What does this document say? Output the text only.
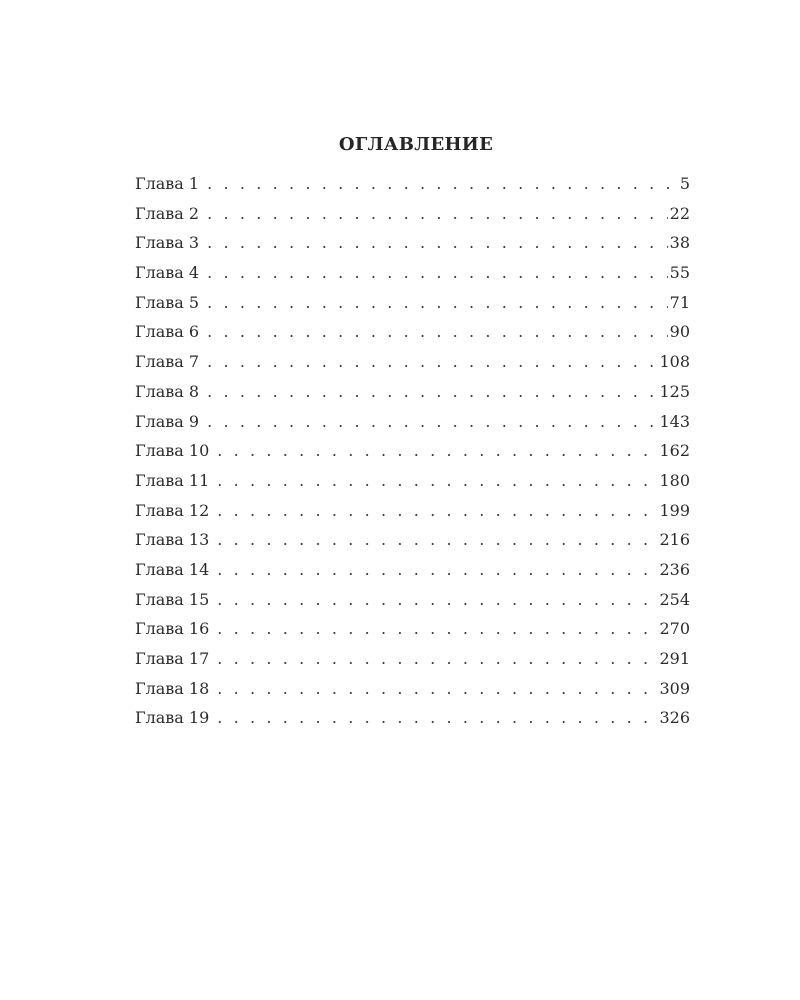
ОГЛАВЛЕНИЕ
Глава 1 . . .	5
Глава 2 . . .	22
Глава 3 . . .	38
Глава 4 . . .	55
Глава 5 . . .	71
Глава 6 . . .	90
Глава 7 . . .	108
Глава 8 . . .	125
Глава 9 . . .	143
Глава 10 . . .	162
Глава 11 . . .	180
Глава 12 . . .	199
Глава 13 . . .	216
Глава 14 . . .	236
Глава 15 . . .	254
Глава 16 . . .	270
Глава 17 . . .	291
Глава 18 . . .	309
Глава 19 . . .	326
